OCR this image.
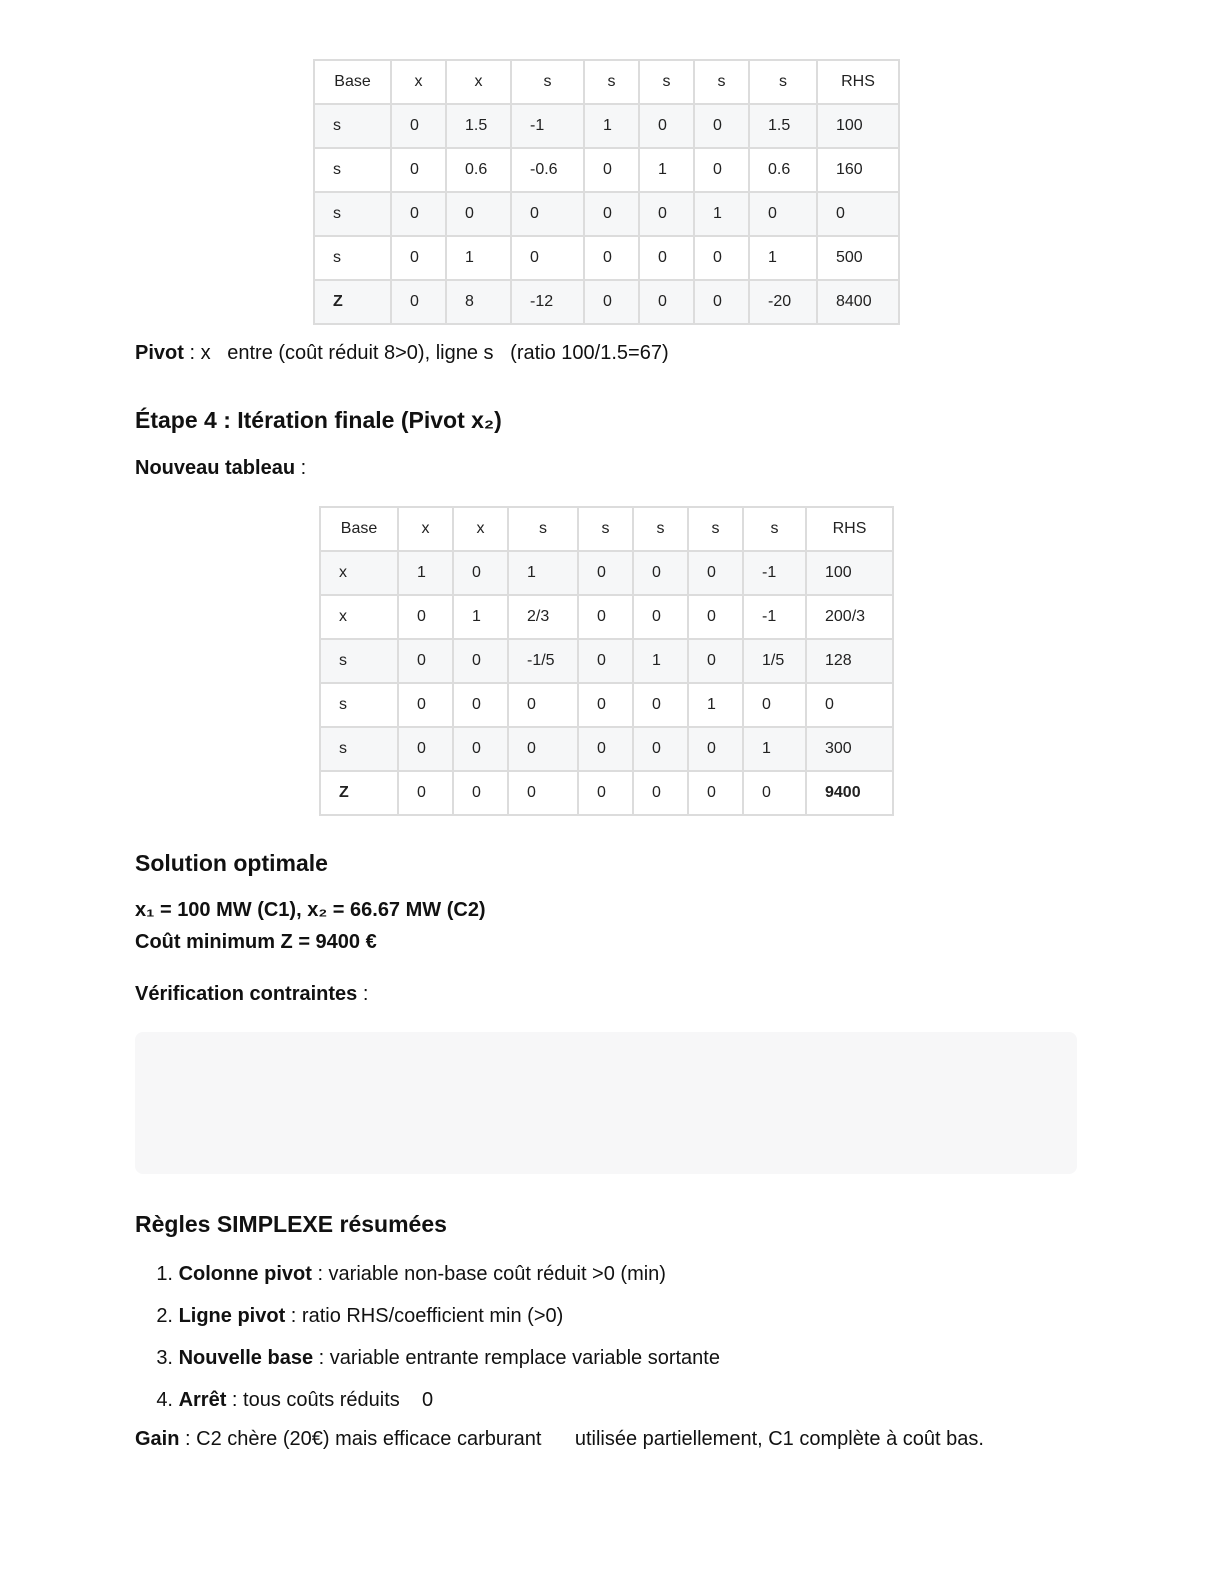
Base	x	x	s	s	s	s	s	RHS
s	0	1.5	-1	1	0	0	1.5	100
s	0	0.6	-0.6	0	1	0	0.6	160
s	0	0	0	0	0	1	0	0
s	0	1	0	0	0	0	1	500
Z	0	8	-12	0	0	0	-20	8400
Pivot : x   entre (coût réduit 8>0), ligne s   (ratio 100/1.5=67)
Étape 4 : Itération finale (Pivot x₂)
Nouveau tableau :
Base	x	x	s	s	s	s	s	RHS
x	1	0	1	0	0	0	-1	100
x	0	1	2/3	0	0	0	-1	200/3
s	0	0	-1/5	0	1	0	1/5	128
s	0	0	0	0	0	1	0	0
s	0	0	0	0	0	0	1	300
Z	0	0	0	0	0	0	0	9400
Solution optimale
x₁ = 100 MW (C1), x₂ = 66.67 MW (C2)
Coût minimum Z = 9400 €
Vérification contraintes :
Règles SIMPLEXE résumées
1. Colonne pivot : variable non-base coût réduit >0 (min)
2. Ligne pivot : ratio RHS/coefficient min (>0)
3. Nouvelle base : variable entrante remplace variable sortante
4. Arrêt : tous coûts réduits    0
Gain : C2 chère (20€) mais efficace carburant      utilisée partiellement, C1 complète à coût bas.
